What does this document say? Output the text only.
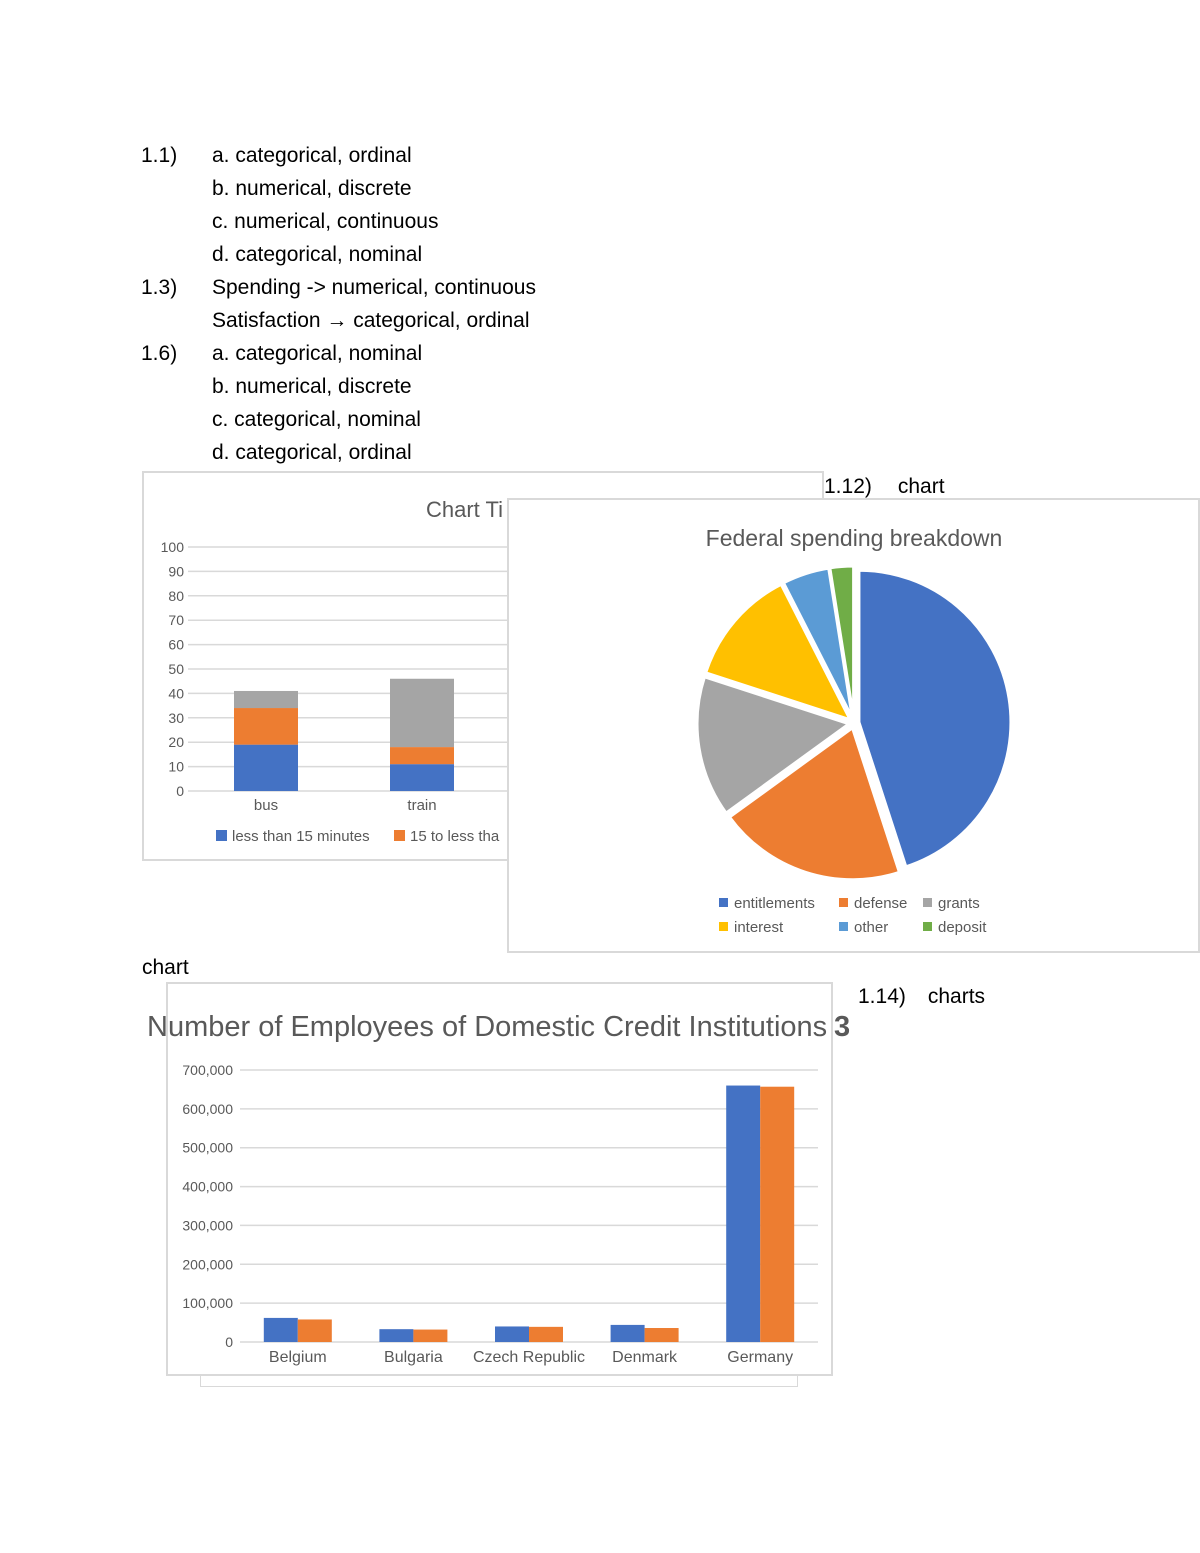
1.1) a. categorical, ordinal
b. numerical, discrete
c. numerical, continuous
d. categorical, nominal
1.3) Spending -> numerical, continuous
Satisfaction → categorical, ordinal
1.6) a. categorical, nominal
b. numerical, discrete
c. categorical, nominal
d. categorical, ordinal
1.12) chart
chart
1.14) charts
0
10
20
30
40
50
60
70
80
90
100
Chart Ti
bus	train
less than 15 minutes	15 to less tha
Federal spending breakdown
entitlements	defense grants
interest	other	deposit
Number of Employees of Domestic Credit Institutions 3
0
100,000
200,000
300,000
400,000
500,000
600,000
700,000
Belgium	Bulgaria Czech Republic Denmark	Germany
